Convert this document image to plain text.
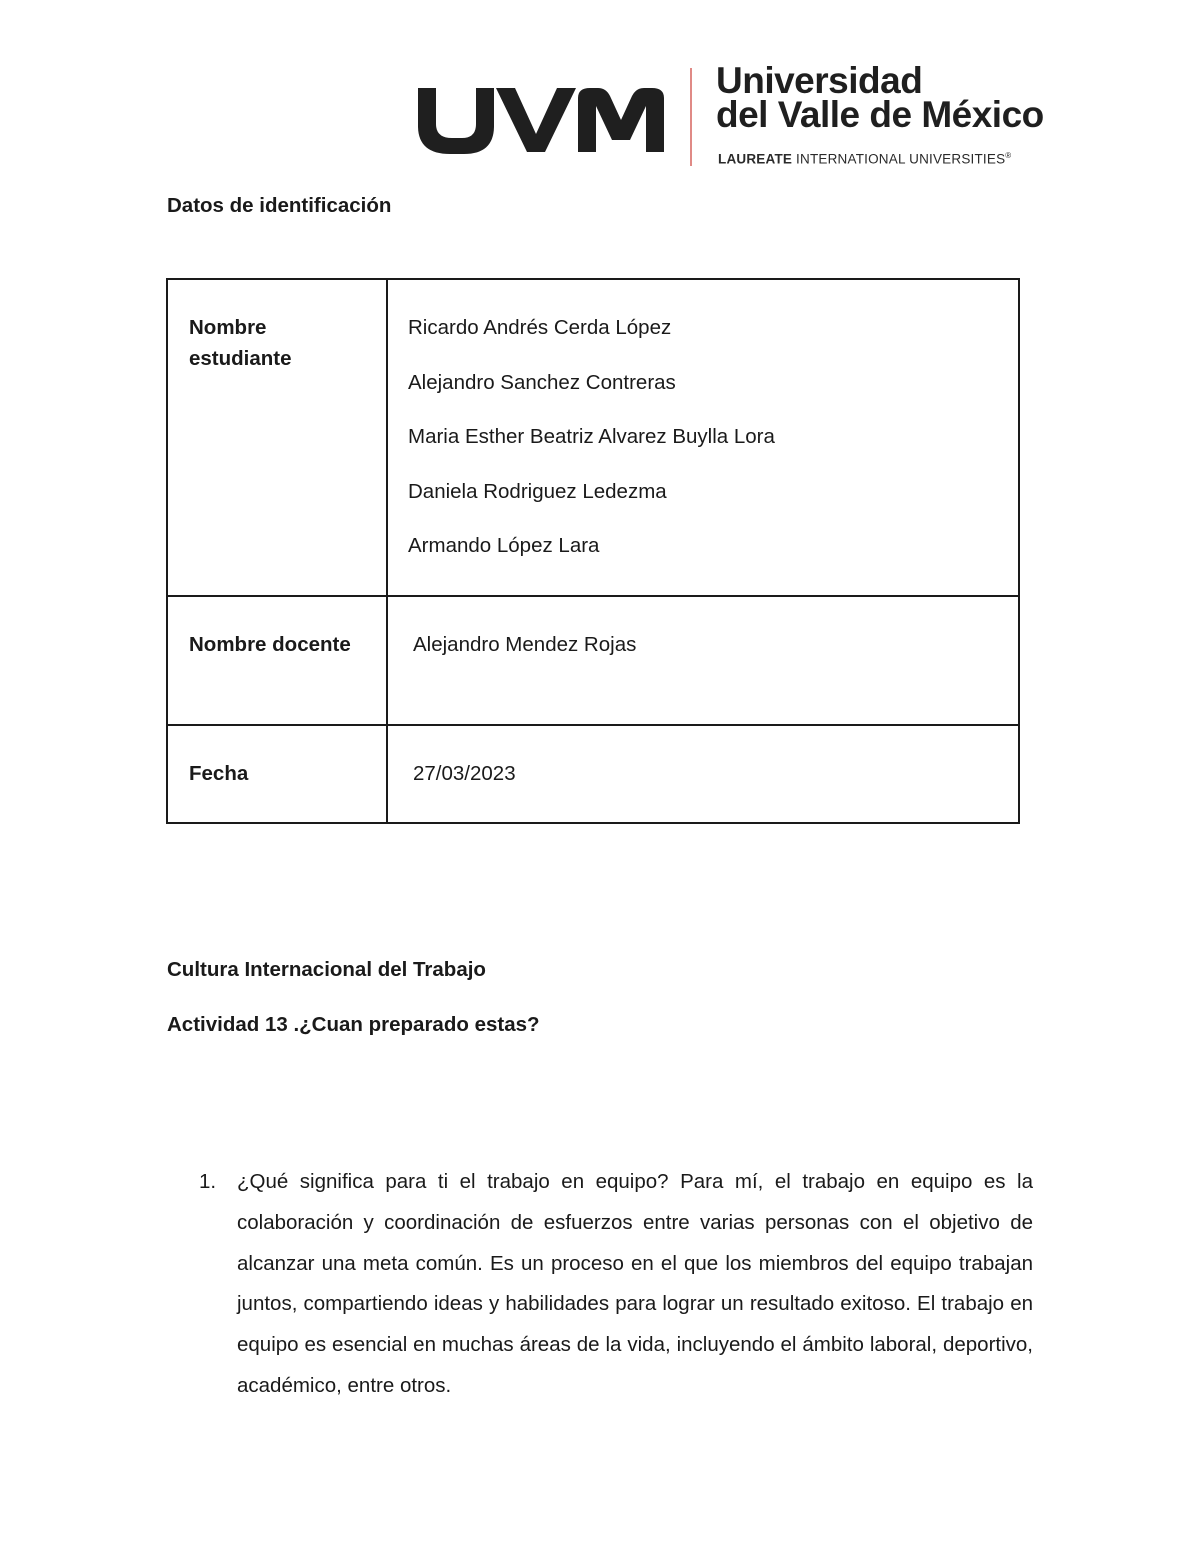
Universidad
del Valle de México
LAUREATE INTERNATIONAL UNIVERSITIES®
Datos de identificación
Nombre estudiante	Ricardo Andrés Cerda López
Alejandro Sanchez Contreras
Maria Esther Beatriz Alvarez Buylla Lora
Daniela Rodriguez Ledezma
Armando López Lara

Nombre docente	Alejandro Mendez Rojas
Fecha	27/03/2023
Cultura Internacional del Trabajo
Actividad 13 .¿Cuan preparado estas?
1. ¿Qué significa para ti el trabajo en equipo? Para mí, el trabajo en equipo es la colaboración y coordinación de esfuerzos entre varias personas con el objetivo de alcanzar una meta común. Es un proceso en el que los miembros del equipo trabajan juntos, compartiendo ideas y habilidades para lograr un resultado exitoso. El trabajo en equipo es esencial en muchas áreas de la vida, incluyendo el ámbito laboral, deportivo, académico, entre otros.
